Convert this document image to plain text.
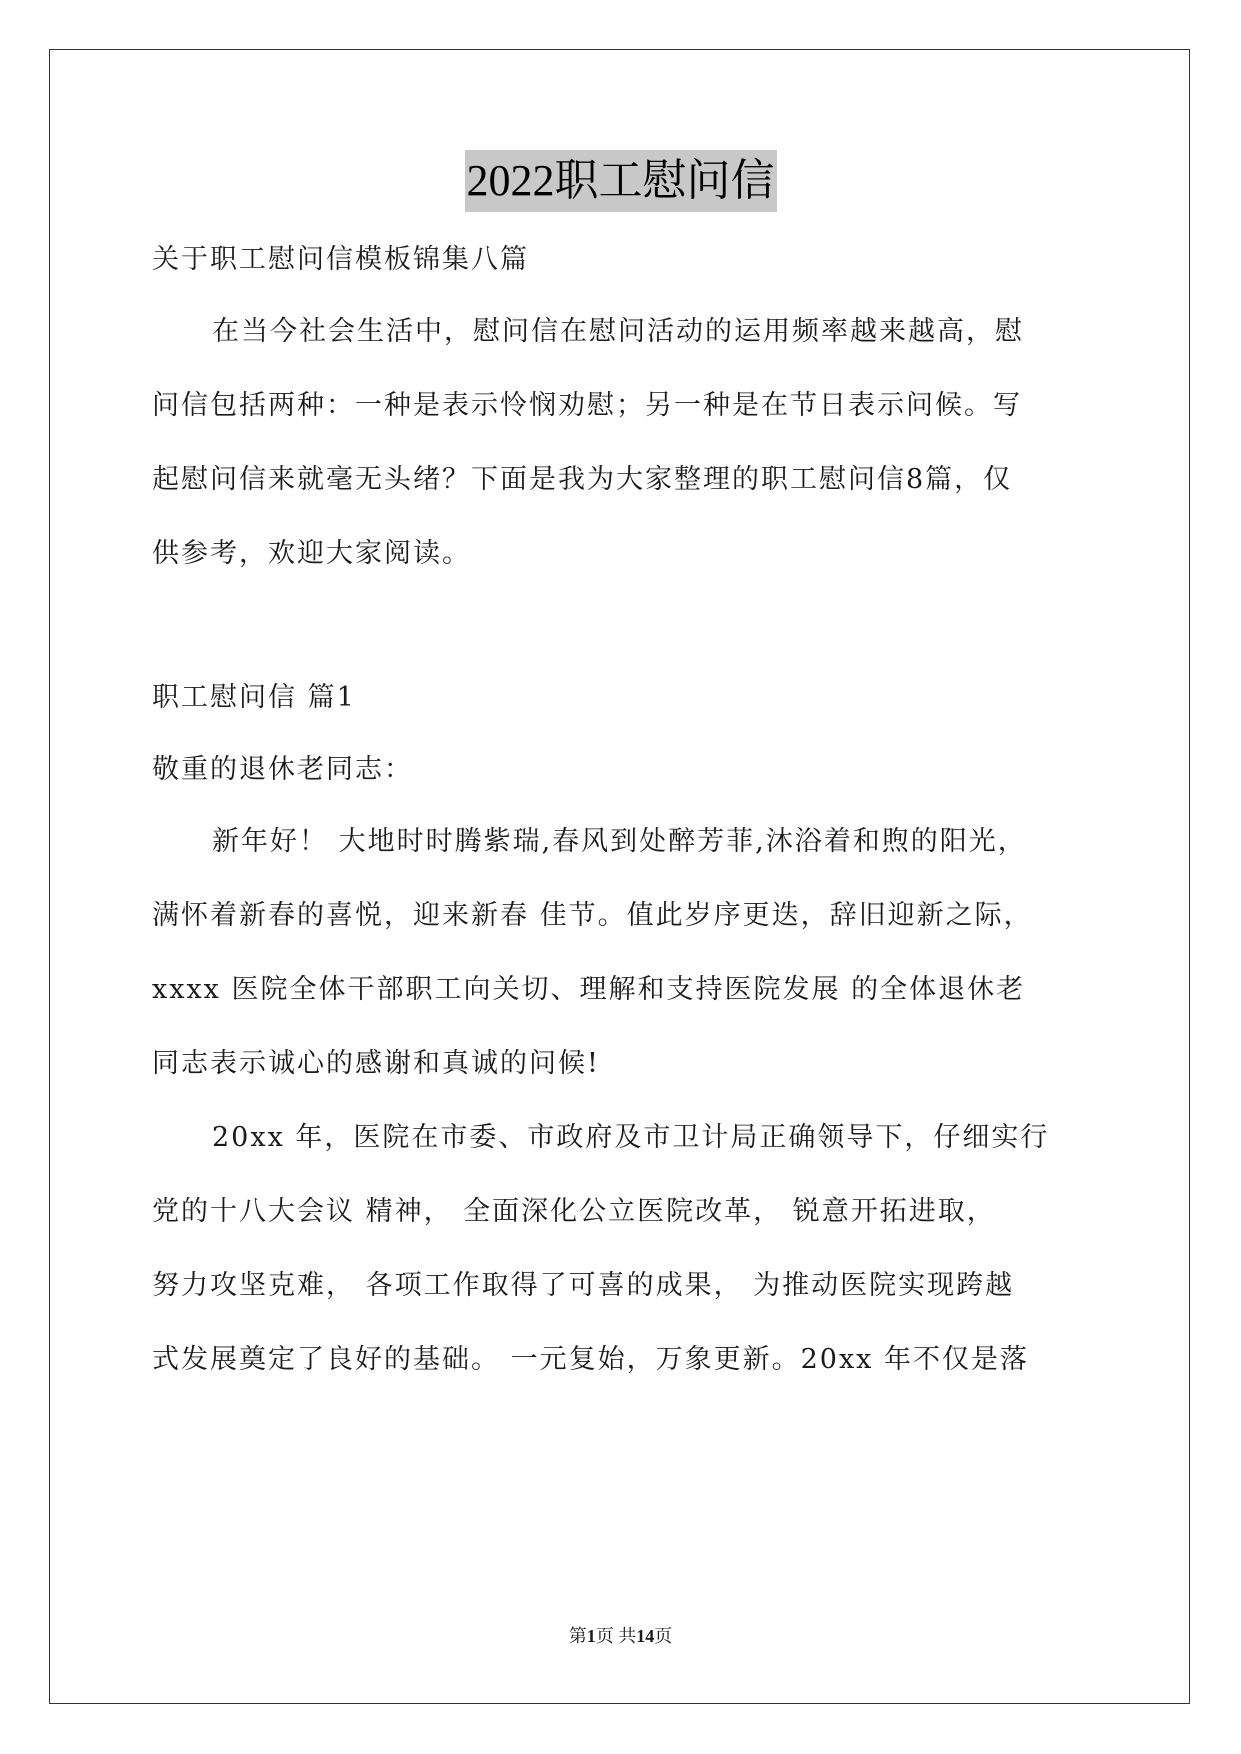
2022职工慰问信
关于职工慰问信模板锦集八篇
在当今社会生活中，慰问信在慰问活动的运用频率越来越高，慰
问信包括两种：一种是表示怜悯劝慰；另一种是在节日表示问候。写
起慰问信来就毫无头绪？下面是我为大家整理的职工慰问信8篇，仅
供参考，欢迎大家阅读。
职工慰问信 篇1
敬重的退休老同志：
新年好！ 大地时时腾紫瑞,春风到处醉芳菲,沐浴着和煦的阳光，
满怀着新春的喜悦，迎来新春 佳节。值此岁序更迭，辞旧迎新之际，
xxxx 医院全体干部职工向关切、理解和支持医院发展 的全体退休老
同志表示诚心的感谢和真诚的问候!
20xx 年，医院在市委、市政府及市卫计局正确领导下，仔细实行
党的十八大会议 精神， 全面深化公立医院改革， 锐意开拓进取，
努力攻坚克难， 各项工作取得了可喜的成果， 为推动医院实现跨越
式发展奠定了良好的基础。 一元复始，万象更新。20xx 年不仅是落
第1页 共14页
